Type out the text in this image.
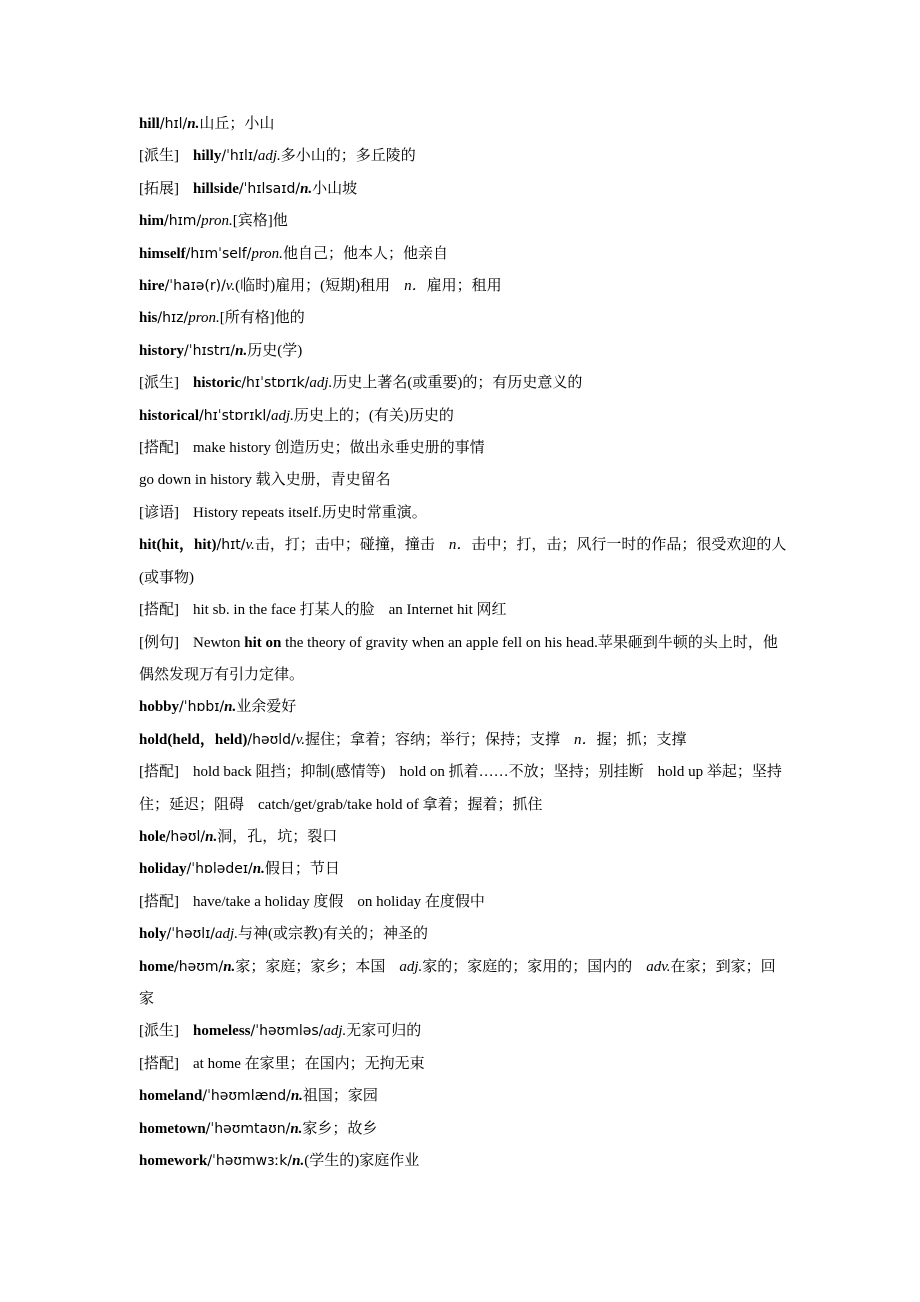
hill/hɪl/n.山丘；小山
[派生] hilly/ˈhɪlɪ/adj.多小山的；多丘陵的
[拓展] hillside/ˈhɪlsaɪd/n.小山坡
him/hɪm/pron.[宾格]他
himself/hɪmˈself/pron.他自己；他本人；他亲自
hire/ˈhaɪə(r)/v.(临时)雇用；(短期)租用 n．雇用；租用
his/hɪz/pron.[所有格]他的
history/ˈhɪstrɪ/n.历史(学)
[派生] historic/hɪˈstɒrɪk/adj.历史上著名(或重要)的；有历史意义的
historical/hɪˈstɒrɪkl/adj.历史上的；(有关)历史的
[搭配] make history 创造历史；做出永垂史册的事情
go down in history 载入史册，青史留名
[谚语] History repeats itself.历史时常重演。
hit(hit，hit)/hɪt/v.击，打；击中；碰撞，撞击 n．击中；打，击；风行一时的作品；很受欢迎的人(或事物)
[搭配] hit sb. in the face 打某人的脸 an Internet hit 网红
[例句] Newton hit on the theory of gravity when an apple fell on his head.苹果砸到牛顿的头上时，他偶然发现万有引力定律。
hobby/ˈhɒbɪ/n.业余爱好
hold(held，held)/həʊld/v.握住；拿着；容纳；举行；保持；支撑 n．握；抓；支撑
[搭配] hold back 阻挡；抑制(感情等) hold on 抓着……不放；坚持；别挂断 hold up 举起；坚持住；延迟；阻碍 catch/get/grab/take hold of 拿着；握着；抓住
hole/həʊl/n.洞，孔，坑；裂口
holiday/ˈhɒlədeɪ/n.假日；节日
[搭配] have/take a holiday 度假 on holiday 在度假中
holy/ˈhəʊlɪ/adj.与神(或宗教)有关的；神圣的
home/həʊm/n.家；家庭；家乡；本国 adj.家的；家庭的；家用的；国内的 adv.在家；到家；回家
[派生] homeless/ˈhəʊmləs/adj.无家可归的
[搭配] at home 在家里；在国内；无拘无束
homeland/ˈhəʊmlænd/n.祖国；家园
hometown/ˈhəʊmtaʊn/n.家乡；故乡
homework/ˈhəʊmwɜːk/n.(学生的)家庭作业
